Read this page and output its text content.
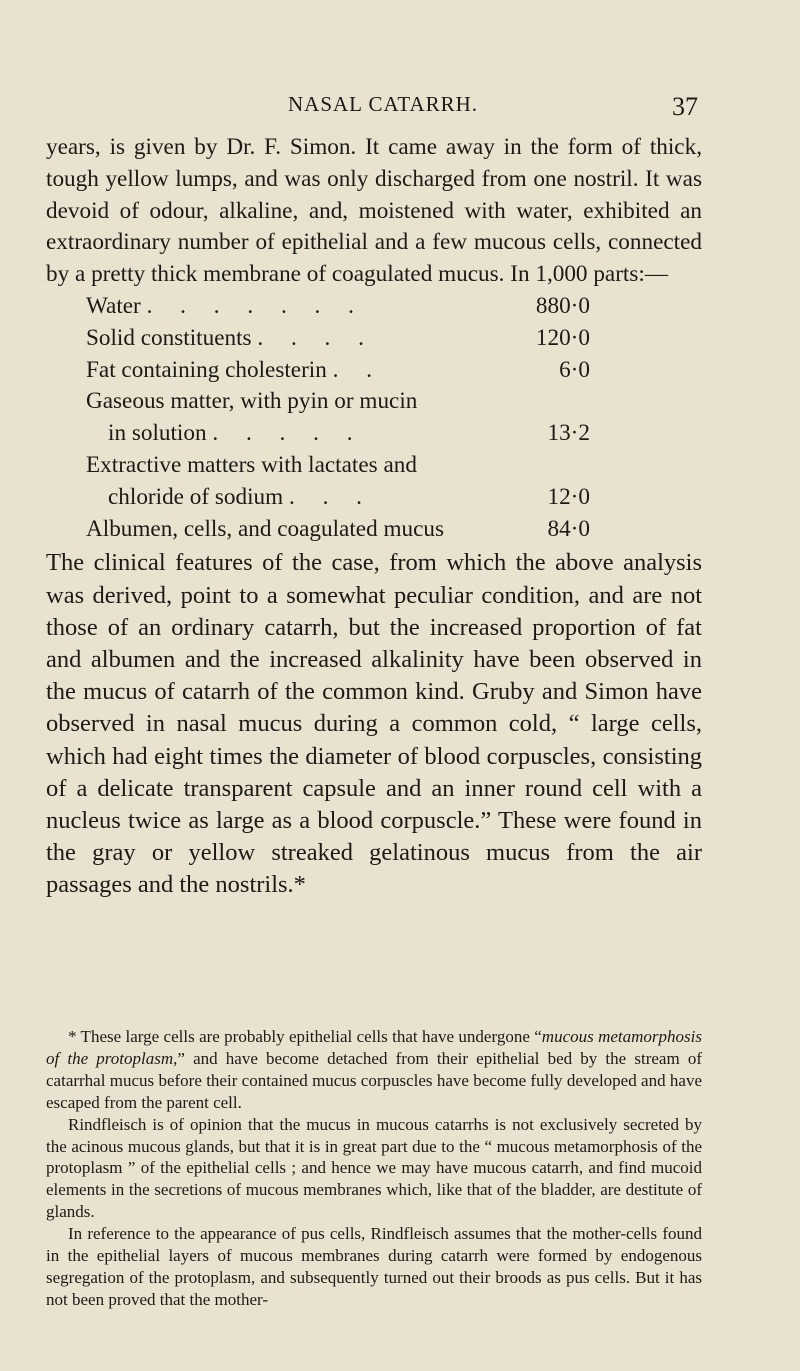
NASAL CATARRH.	37

years, is given by Dr. F. Simon. It came away in the form of thick, tough yellow lumps, and was only discharged from one nostril. It was devoid of odour, alkaline, and, moistened with water, exhibited an extraordinary number of epithelial and a few mucous cells, connected by a pretty thick membrane of coagulated mucus. In 1,000 parts:—

Water . . . . . . .	880·0
Solid constituents . . . .	120·0
Fat containing cholesterin . .	6·0
Gaseous matter, with pyin or mucin
in solution . . . . .	13·2
Extractive matters with lactates and
chloride of sodium . . .	12·0
Albumen, cells, and coagulated mucus	84·0

The clinical features of the case, from which the above analysis was derived, point to a somewhat peculiar condition, and are not those of an ordinary catarrh, but the increased proportion of fat and albumen and the increased alkalinity have been observed in the mucus of catarrh of the common kind. Gruby and Simon have observed in nasal mucus during a common cold, “ large cells, which had eight times the diameter of blood corpuscles, consisting of a delicate transparent capsule and an inner round cell with a nucleus twice as large as a blood corpuscle.” These were found in the gray or yellow streaked gelatinous mucus from the air passages and the nostrils.*

* These large cells are probably epithelial cells that have undergone “mucous metamorphosis of the protoplasm,” and have become detached from their epithelial bed by the stream of catarrhal mucus before their contained mucus corpuscles have become fully developed and have escaped from the parent cell.

Rindfleisch is of opinion that the mucus in mucous catarrhs is not exclusively secreted by the acinous mucous glands, but that it is in great part due to the “ mucous metamorphosis of the protoplasm ” of the epithelial cells ; and hence we may have mucous catarrh, and find mucoid elements in the secretions of mucous membranes which, like that of the bladder, are destitute of glands.

In reference to the appearance of pus cells, Rindfleisch assumes that the mother-cells found in the epithelial layers of mucous membranes during catarrh were formed by endogenous segregation of the protoplasm, and subsequently turned out their broods as pus cells. But it has not been proved that the mother-
